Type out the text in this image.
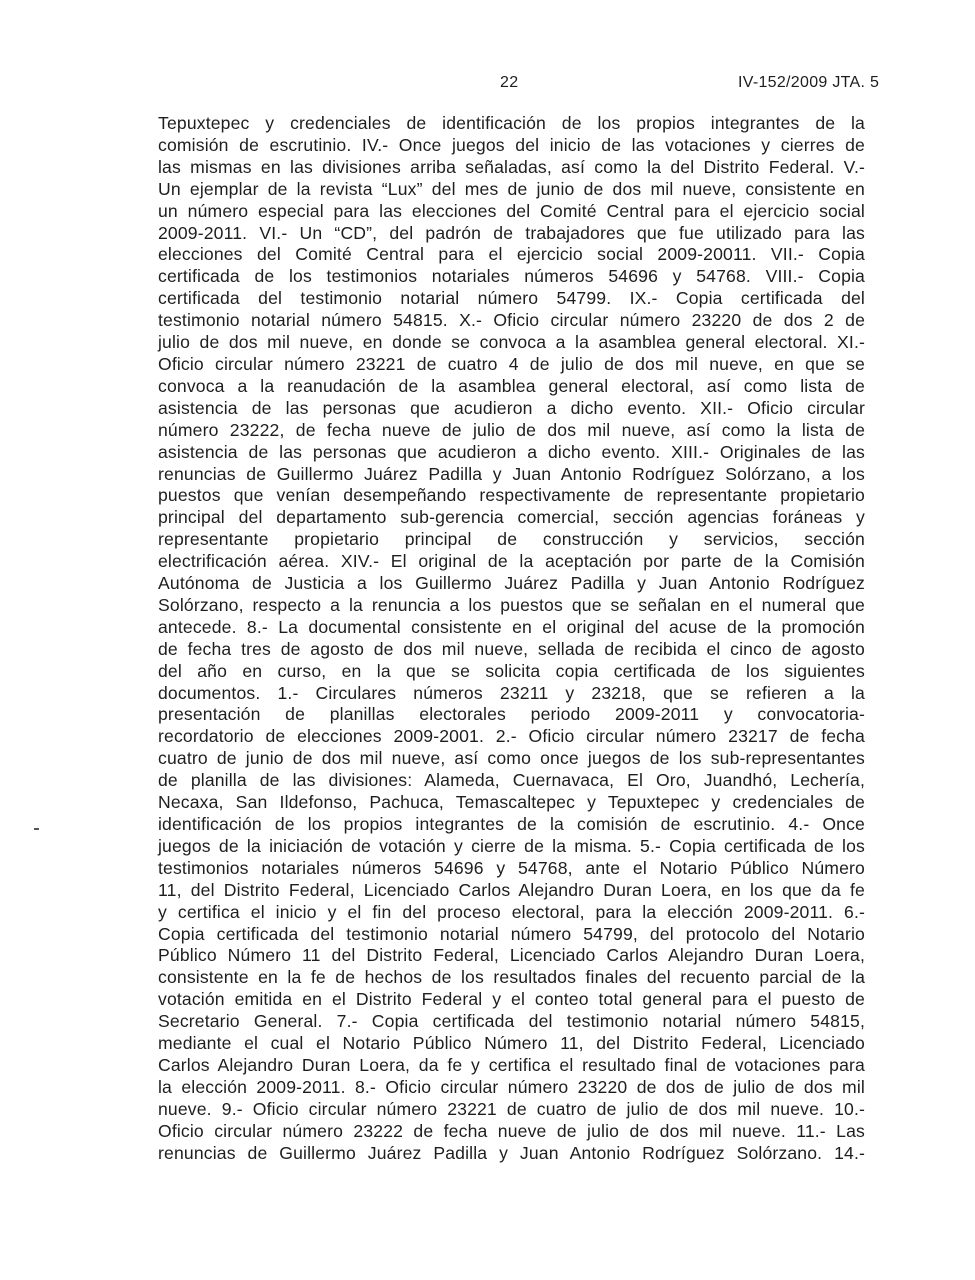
22	IV-152/2009 JTA. 5
Tepuxtepec y credenciales de identificación de los propios integrantes de la
comisión de escrutinio. IV.- Once juegos del inicio de las votaciones y cierres de
las mismas en las divisiones arriba señaladas, así como la del Distrito Federal. V.-
Un ejemplar de la revista “Lux” del mes de junio de dos mil nueve, consistente en
un número especial para las elecciones del Comité Central para el ejercicio social
2009-2011. VI.- Un “CD”, del padrón de trabajadores que fue utilizado para las
elecciones del Comité Central para el ejercicio social 2009-20011. VII.- Copia
certificada de los testimonios notariales números 54696 y 54768. VIII.- Copia
certificada del testimonio notarial número 54799. IX.- Copia certificada del
testimonio notarial número 54815. X.- Oficio circular número 23220 de dos 2 de
julio de dos mil nueve, en donde se convoca a la asamblea general electoral. XI.-
Oficio circular número 23221 de cuatro 4 de julio de dos mil nueve, en que se
convoca a la reanudación de la asamblea general electoral, así como lista de
asistencia de las personas que acudieron a dicho evento. XII.- Oficio circular
número 23222, de fecha nueve de julio de dos mil nueve, así como la lista de
asistencia de las personas que acudieron a dicho evento. XIII.- Originales de las
renuncias de Guillermo Juárez Padilla y Juan Antonio Rodríguez Solórzano, a los
puestos que venían desempeñando respectivamente de representante propietario
principal del departamento sub-gerencia comercial, sección agencias foráneas y
representante propietario principal de construcción y servicios, sección
electrificación aérea. XIV.- El original de la aceptación por parte de la Comisión
Autónoma de Justicia a los Guillermo Juárez Padilla y Juan Antonio Rodríguez
Solórzano, respecto a la renuncia a los puestos que se señalan en el numeral que
antecede. 8.- La documental consistente en el original del acuse de la promoción
de fecha tres de agosto de dos mil nueve, sellada de recibida el cinco de agosto
del año en curso, en la que se solicita copia certificada de los siguientes
documentos. 1.- Circulares números 23211 y 23218, que se refieren a la
presentación de planillas electorales periodo 2009-2011 y convocatoria-
recordatorio de elecciones 2009-2001. 2.- Oficio circular número 23217 de fecha
cuatro de junio de dos mil nueve, así como once juegos de los sub-representantes
de planilla de las divisiones: Alameda, Cuernavaca, El Oro, Juandhó, Lechería,
Necaxa, San Ildefonso, Pachuca, Temascaltepec y Tepuxtepec y credenciales de
identificación de los propios integrantes de la comisión de escrutinio. 4.- Once
juegos de la iniciación de votación y cierre de la misma. 5.- Copia certificada de los
testimonios notariales números 54696 y 54768, ante el Notario Público Número
11, del Distrito Federal, Licenciado Carlos Alejandro Duran Loera, en los que da fe
y certifica el inicio y el fin del proceso electoral, para la elección 2009-2011. 6.-
Copia certificada del testimonio notarial número 54799, del protocolo del Notario
Público Número 11 del Distrito Federal, Licenciado Carlos Alejandro Duran Loera,
consistente en la fe de hechos de los resultados finales del recuento parcial de la
votación emitida en el Distrito Federal y el conteo total general para el puesto de
Secretario General. 7.- Copia certificada del testimonio notarial número 54815,
mediante el cual el Notario Público Número 11, del Distrito Federal, Licenciado
Carlos Alejandro Duran Loera, da fe y certifica el resultado final de votaciones para
la elección 2009-2011. 8.- Oficio circular número 23220 de dos de julio de dos mil
nueve. 9.- Oficio circular número 23221 de cuatro de julio de dos mil nueve. 10.-
Oficio circular número 23222 de fecha nueve de julio de dos mil nueve. 11.- Las
renuncias de Guillermo Juárez Padilla y Juan Antonio Rodríguez Solórzano. 14.-
